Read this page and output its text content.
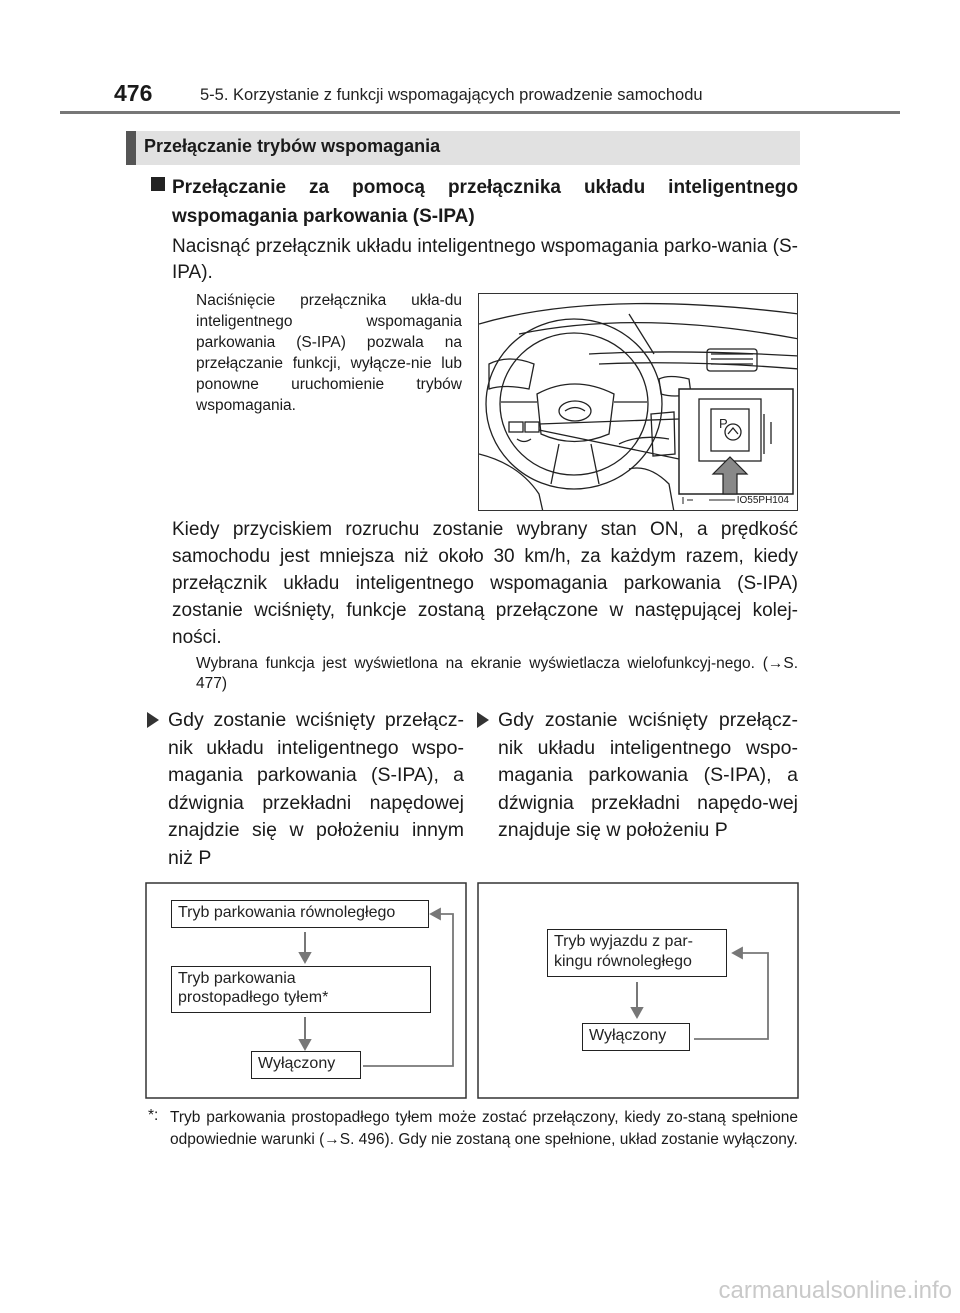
476	5-5. Korzystanie z funkcji wspomagających prowadzenie samochodu
Przełączanie trybów wspomagania
Przełączanie za pomocą przełącznika układu inteligentnego wspomagania parkowania (S-IPA)
Nacisnąć przełącznik układu inteligentnego wspomagania parko-wania (S-IPA).
Naciśnięcie przełącznika ukła-du inteligentnego wspomagania parkowania (S-IPA) pozwala na przełączanie funkcji, wyłącze-nie lub ponowne uruchomienie trybów wspomagania.
P
IO55PH104
Kiedy przyciskiem rozruchu zostanie wybrany stan ON, a prędkość samochodu jest mniejsza niż około 30 km/h, za każdym razem, kiedy przełącznik układu inteligentnego wspomagania parkowania (S-IPA) zostanie wciśnięty, funkcje zostaną przełączone w następującej kolej-ności.
Wybrana funkcja jest wyświetlona na ekranie wyświetlacza wielofunkcyj-nego. (→S. 477)
Gdy zostanie wciśnięty przełącz-nik układu inteligentnego wspo-magania parkowania (S-IPA), a dźwignia przekładni napędowej znajdzie się w położeniu innym niż P
Gdy zostanie wciśnięty przełącz-nik układu inteligentnego wspo-magania parkowania (S-IPA), a dźwignia przekładni napędo-wej znajduje się w położeniu P
Tryb parkowania równoległego
Tryb parkowania
prostopadłego tyłem*
Wyłączony
Tryb wyjazdu z par-
kingu równoległego
Wyłączony
*: Tryb parkowania prostopadłego tyłem może zostać przełączony, kiedy zo-staną spełnione odpowiednie warunki (→S. 496). Gdy nie zostaną one spełnione, układ zostanie wyłączony.
carmanualsonline.info
